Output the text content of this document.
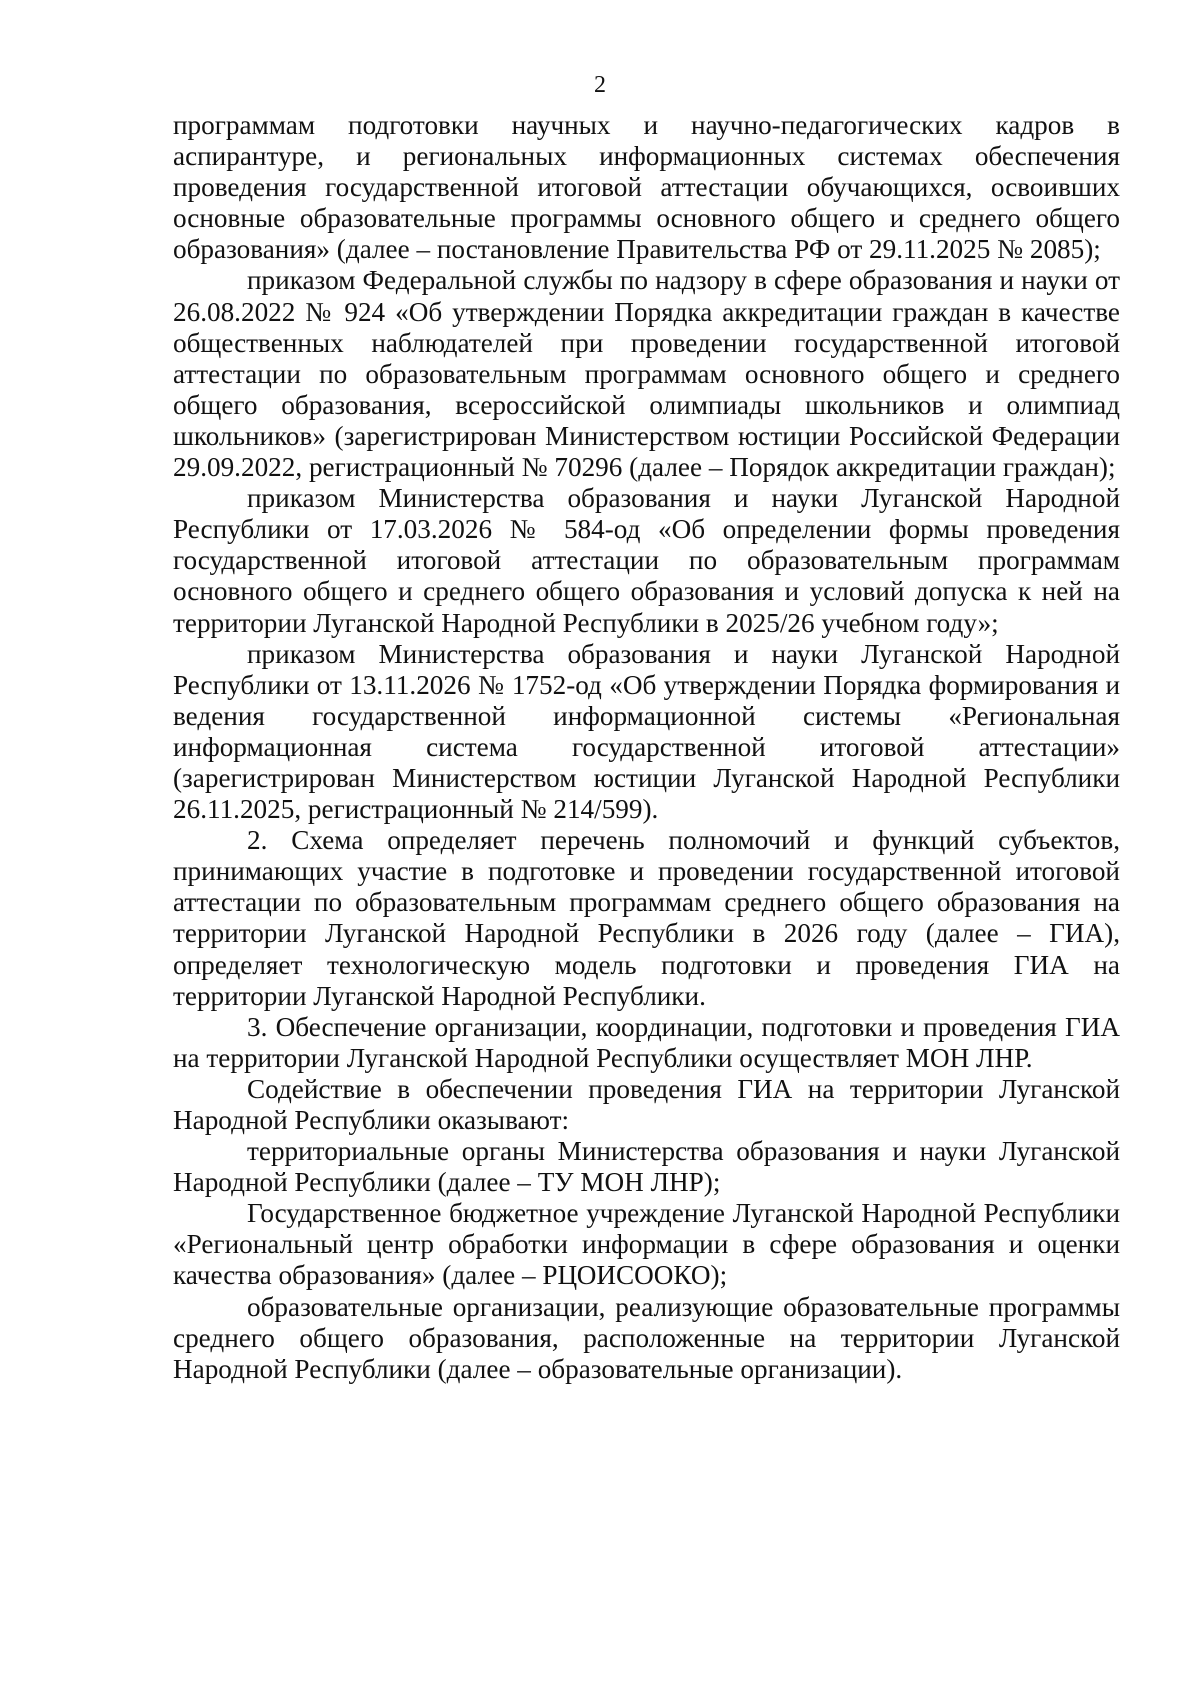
2

программам подготовки научных и научно-педагогических кадров в аспирантуре, и региональных информационных системах обеспечения проведения государственной итоговой аттестации обучающихся, освоивших основные образовательные программы основного общего и среднего общего образования» (далее – постановление Правительства РФ от 29.11.2025 № 2085);

приказом Федеральной службы по надзору в сфере образования и науки от 26.08.2022 № 924 «Об утверждении Порядка аккредитации граждан в качестве общественных наблюдателей при проведении государственной итоговой аттестации по образовательным программам основного общего и среднего общего образования, всероссийской олимпиады школьников и олимпиад школьников» (зарегистрирован Министерством юстиции Российской Федерации 29.09.2022, регистрационный № 70296 (далее – Порядок аккредитации граждан);

приказом Министерства образования и науки Луганской Народной Республики от 17.03.2026 № 584-од «Об определении формы проведения государственной итоговой аттестации по образовательным программам основного общего и среднего общего образования и условий допуска к ней на территории Луганской Народной Республики в 2025/26 учебном году»;

приказом Министерства образования и науки Луганской Народной Республики от 13.11.2026 № 1752-од «Об утверждении Порядка формирования и ведения государственной информационной системы «Региональная информационная система государственной итоговой аттестации» (зарегистрирован Министерством юстиции Луганской Народной Республики 26.11.2025, регистрационный № 214/599).

2. Схема определяет перечень полномочий и функций субъектов, принимающих участие в подготовке и проведении государственной итоговой аттестации по образовательным программам среднего общего образования на территории Луганской Народной Республики в 2026 году (далее – ГИА), определяет технологическую модель подготовки и проведения ГИА на территории Луганской Народной Республики.

3. Обеспечение организации, координации, подготовки и проведения ГИА на территории Луганской Народной Республики осуществляет МОН ЛНР.

Содействие в обеспечении проведения ГИА на территории Луганской Народной Республики оказывают:

территориальные органы Министерства образования и науки Луганской Народной Республики (далее – ТУ МОН ЛНР);

Государственное бюджетное учреждение Луганской Народной Республики «Региональный центр обработки информации в сфере образования и оценки качества образования» (далее – РЦОИСООКО);

образовательные организации, реализующие образовательные программы среднего общего образования, расположенные на территории Луганской Народной Республики (далее – образовательные организации).
